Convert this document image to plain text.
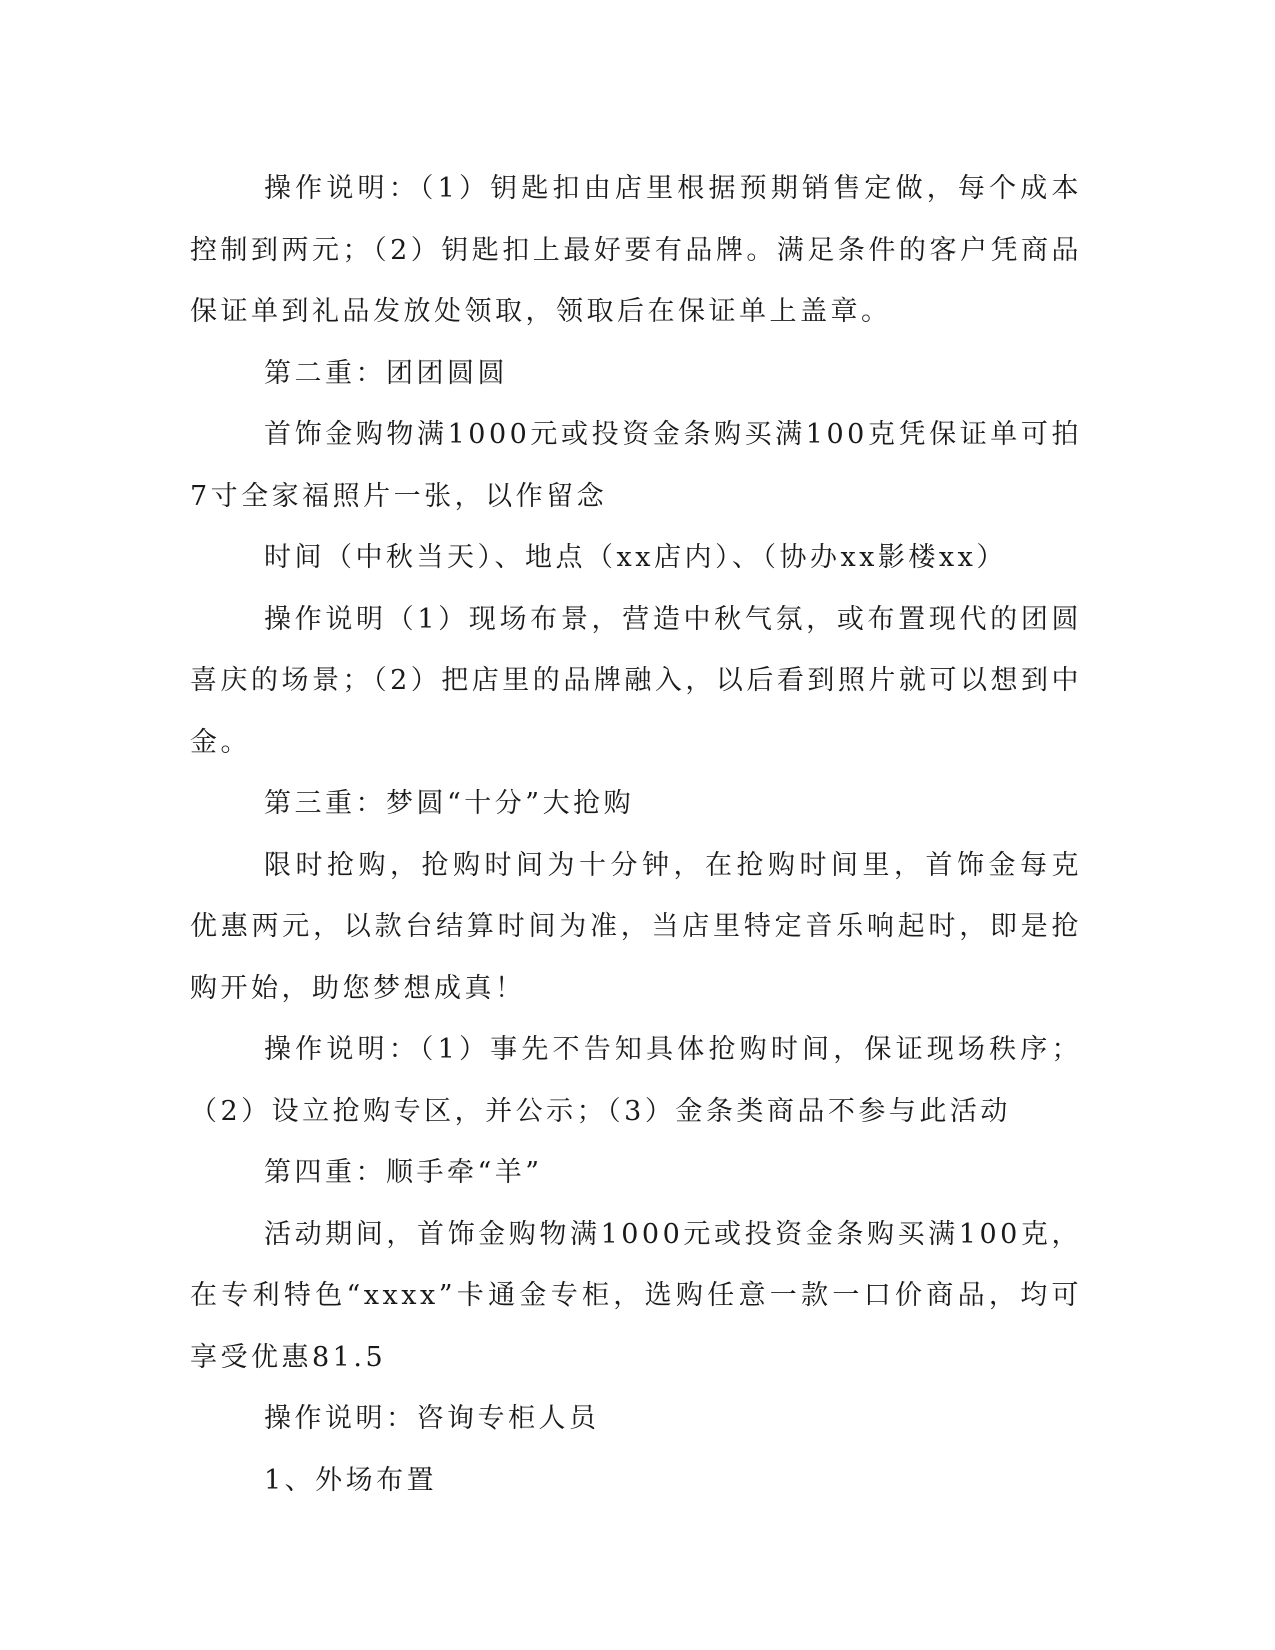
操作说明：（1）钥匙扣由店里根据预期销售定做，每个成本控制到两元；（2）钥匙扣上最好要有品牌。满足条件的客户凭商品保证单到礼品发放处领取，领取后在保证单上盖章。

第二重：团团圆圆

首饰金购物满1000元或投资金条购买满100克凭保证单可拍7寸全家福照片一张，以作留念

时间（中秋当天）、地点（xx店内）、（协办xx影楼xx）

操作说明（1）现场布景，营造中秋气氛，或布置现代的团圆喜庆的场景；（2）把店里的品牌融入，以后看到照片就可以想到中金。

第三重：梦圆“十分”大抢购

限时抢购，抢购时间为十分钟，在抢购时间里，首饰金每克优惠两元，以款台结算时间为准，当店里特定音乐响起时，即是抢购开始，助您梦想成真！

操作说明：（1）事先不告知具体抢购时间，保证现场秩序；（2）设立抢购专区，并公示；（3）金条类商品不参与此活动

第四重：顺手牵“羊”

活动期间，首饰金购物满1000元或投资金条购买满100克，在专利特色“xxxx”卡通金专柜，选购任意一款一口价商品，均可享受优惠81.5

操作说明：咨询专柜人员

1、外场布置
